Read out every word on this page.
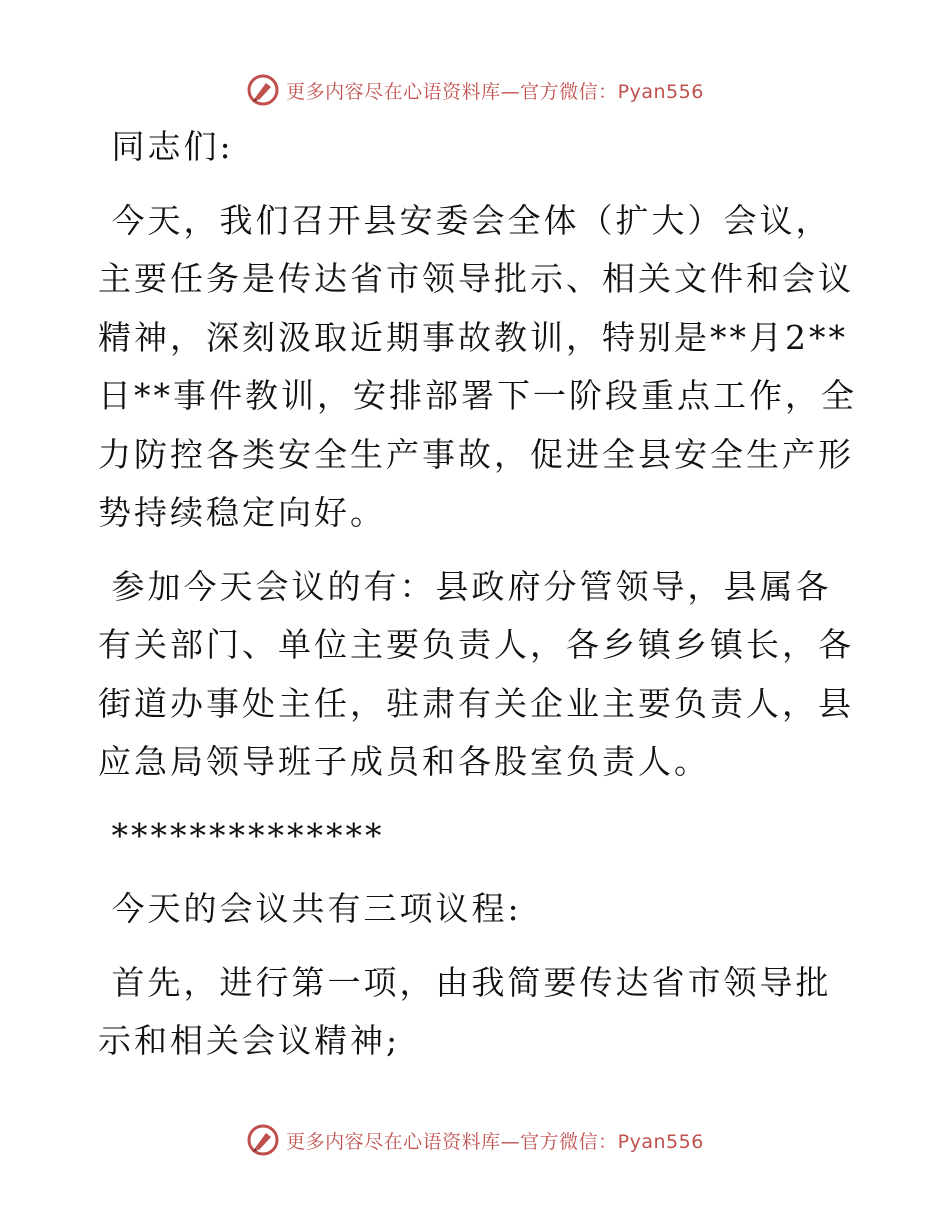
更多内容尽在心语资料库—官方微信：Pyan556

同志们:

今天，我们召开县安委会全体（扩大）会议，主要任务是传达省市领导批示、相关文件和会议精神，深刻汲取近期事故教训，特别是**月2**日**事件教训，安排部署下一阶段重点工作，全力防控各类安全生产事故，促进全县安全生产形势持续稳定向好。

参加今天会议的有：县政府分管领导，县属各有关部门、单位主要负责人，各乡镇乡镇长，各街道办事处主任，驻肃有关企业主要负责人，县应急局领导班子成员和各股室负责人。

**************

今天的会议共有三项议程:

首先，进行第一项，由我简要传达省市领导批示和相关会议精神;

更多内容尽在心语资料库—官方微信：Pyan556
